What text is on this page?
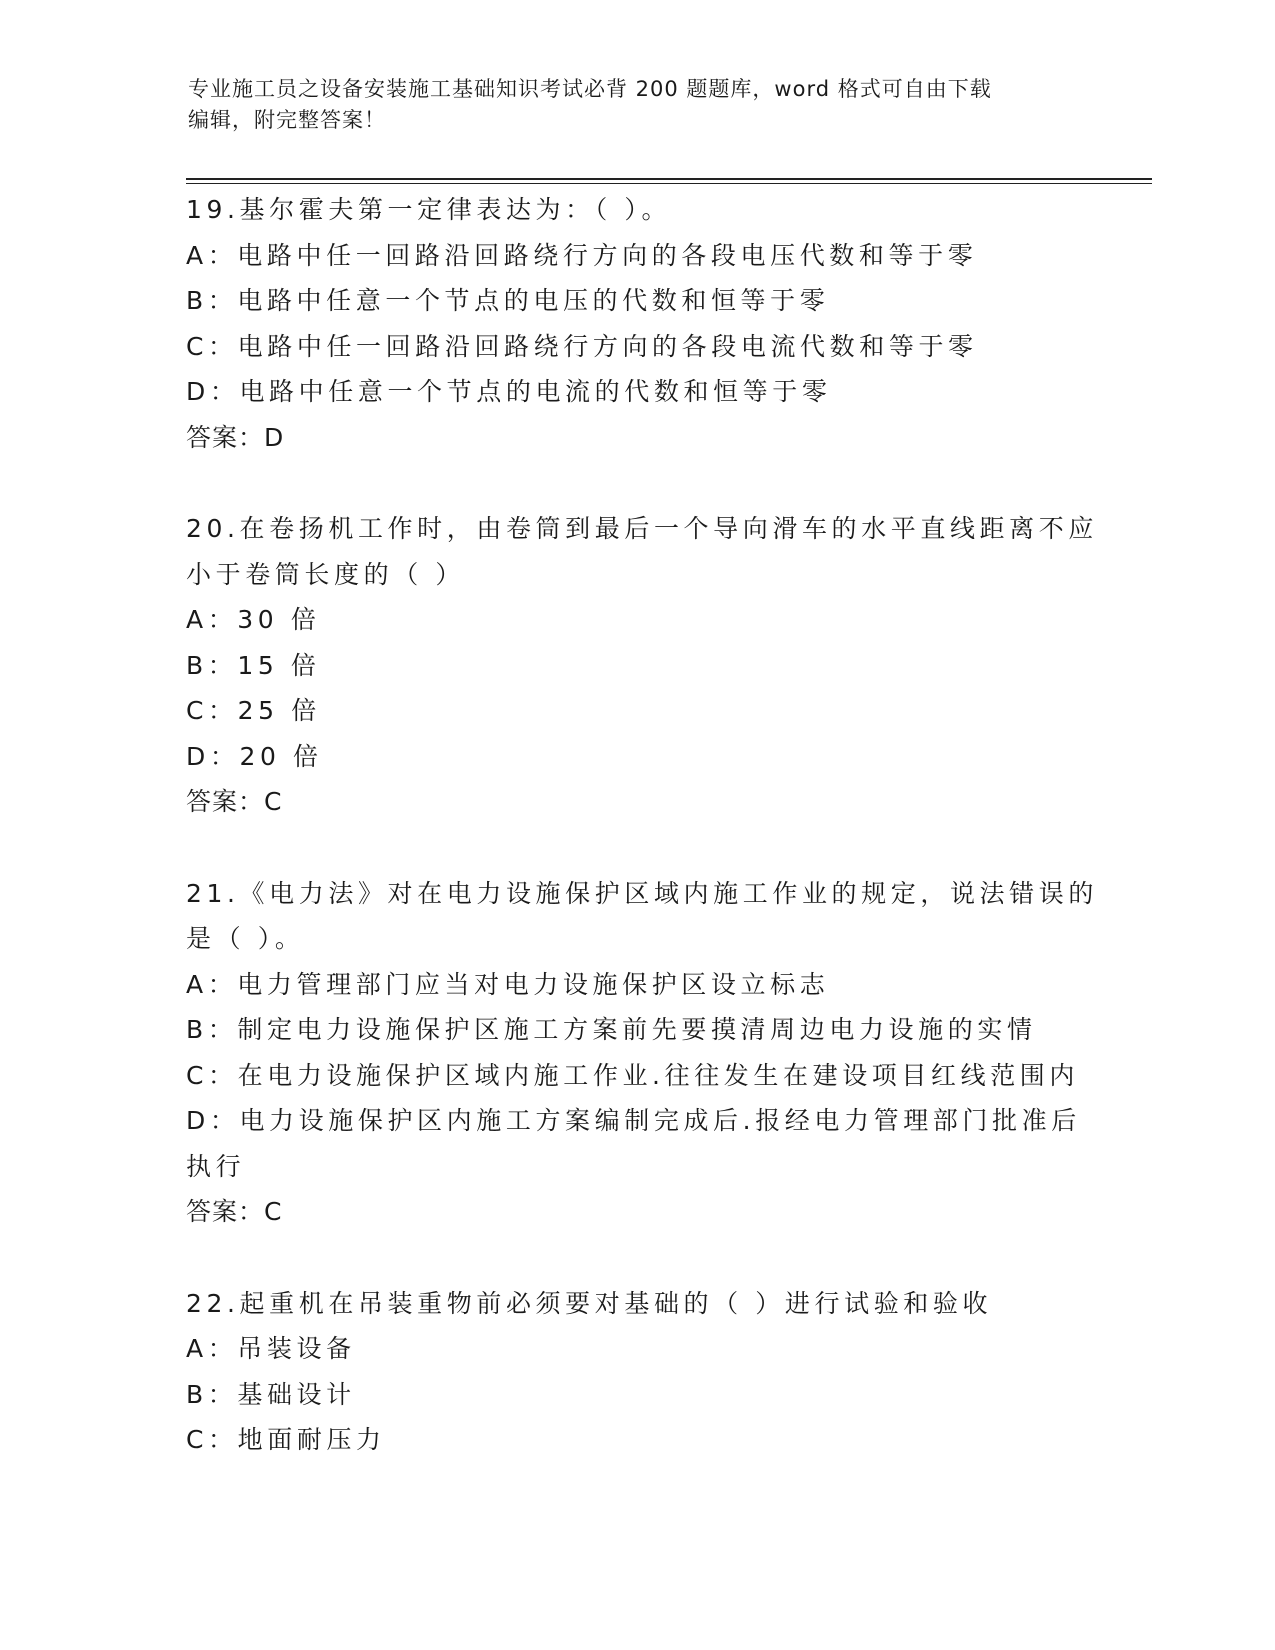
专业施工员之设备安装施工基础知识考试必背 200 题题库，word 格式可自由下载
编辑，附完整答案！
19.基尔霍夫第一定律表达为：（ ）。
A：电路中任一回路沿回路绕行方向的各段电压代数和等于零
B：电路中任意一个节点的电压的代数和恒等于零
C：电路中任一回路沿回路绕行方向的各段电流代数和等于零
D：电路中任意一个节点的电流的代数和恒等于零
答案：D
20.在卷扬机工作时，由卷筒到最后一个导向滑车的水平直线距离不应
小于卷筒长度的（ ）
A：30 倍
B：15 倍
C：25 倍
D：20 倍
答案：C
21.《电力法》对在电力设施保护区域内施工作业的规定，说法错误的
是（ ）。
A：电力管理部门应当对电力设施保护区设立标志
B：制定电力设施保护区施工方案前先要摸清周边电力设施的实情
C：在电力设施保护区域内施工作业.往往发生在建设项目红线范围内
D：电力设施保护区内施工方案编制完成后.报经电力管理部门批准后
执行
答案：C
22.起重机在吊装重物前必须要对基础的（ ）进行试验和验收
A：吊装设备
B：基础设计
C：地面耐压力
